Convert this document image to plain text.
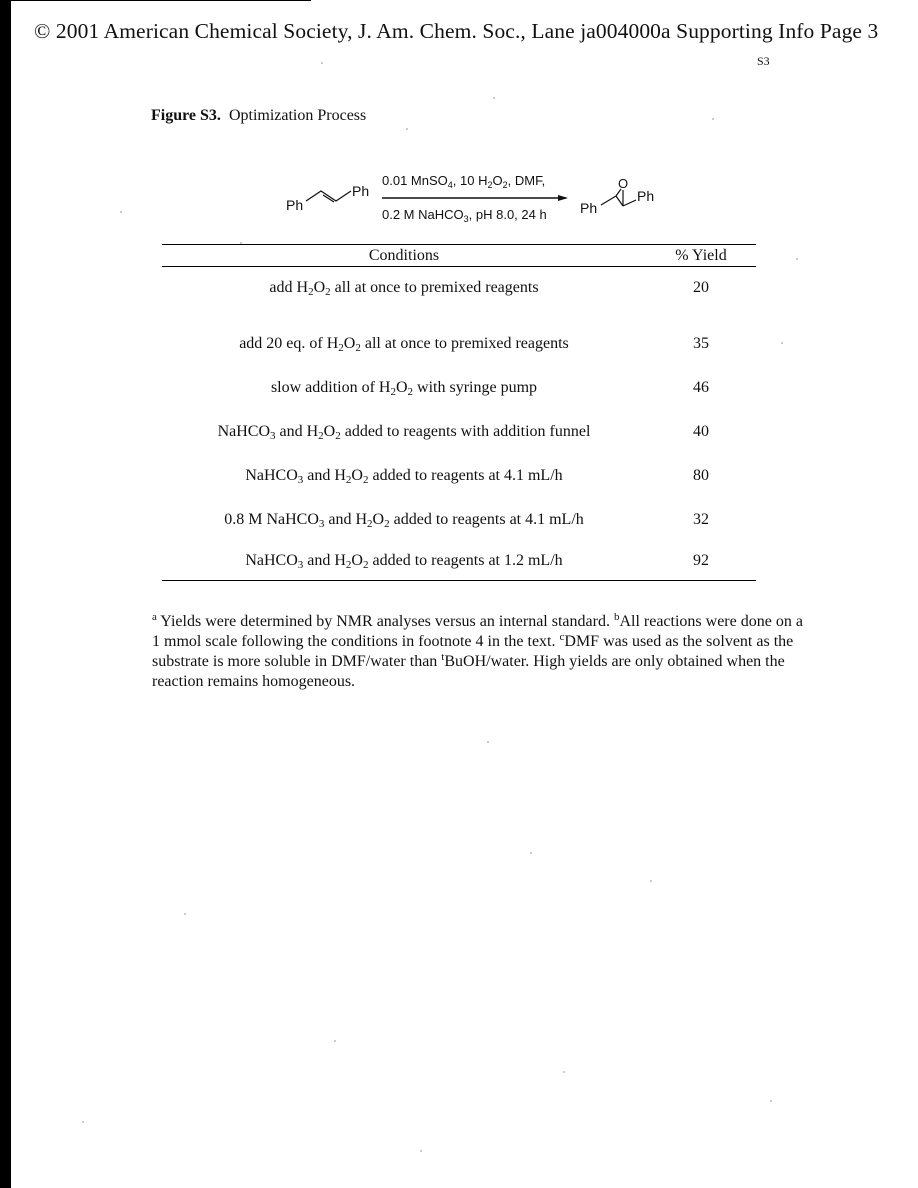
© 2001 American Chemical Society, J. Am. Chem. Soc., Lane ja004000a Supporting Info Page 3
S3
Figure S3. Optimization Process
Ph
Ph
0.01 MnSO$_4$, 10 $H_2O_2$, DMF,
0.2 M NaHCO$_3$, pH 8.0, 24 h Ph
O
Ph
Conditions	% Yield
add $H_2O_2$ all at once to premixed reagents	20
add 20 eq. of $H_2O_2$ all at once to premixed reagents	35
slow addition of $H_2O_2$ with syringe pump	46
NaHCO$_3$ and $H_2O_2$ added to reagents with addition funnel	40
NaHCO$_3$ and $H_2O_2$ added to reagents at 4.1 mL/h	80
0.8 M NaHCO$_3$ and $H_2O_2$ added to reagents at 4.1 mL/h	32
NaHCO$_3$ and $H_2O_2$ added to reagents at 1.2 mL/h	92

$^a$ Yields were determined by NMR analyses versus an internal standard. $^b$All reactions were done on a 1 mmol scale following the conditions in footnote 4 in the text. $^c$DMF was used as the solvent as the substrate is more soluble in DMF/water than $^t$BuOH/water. High yields are only obtained when the reaction remains homogeneous.
